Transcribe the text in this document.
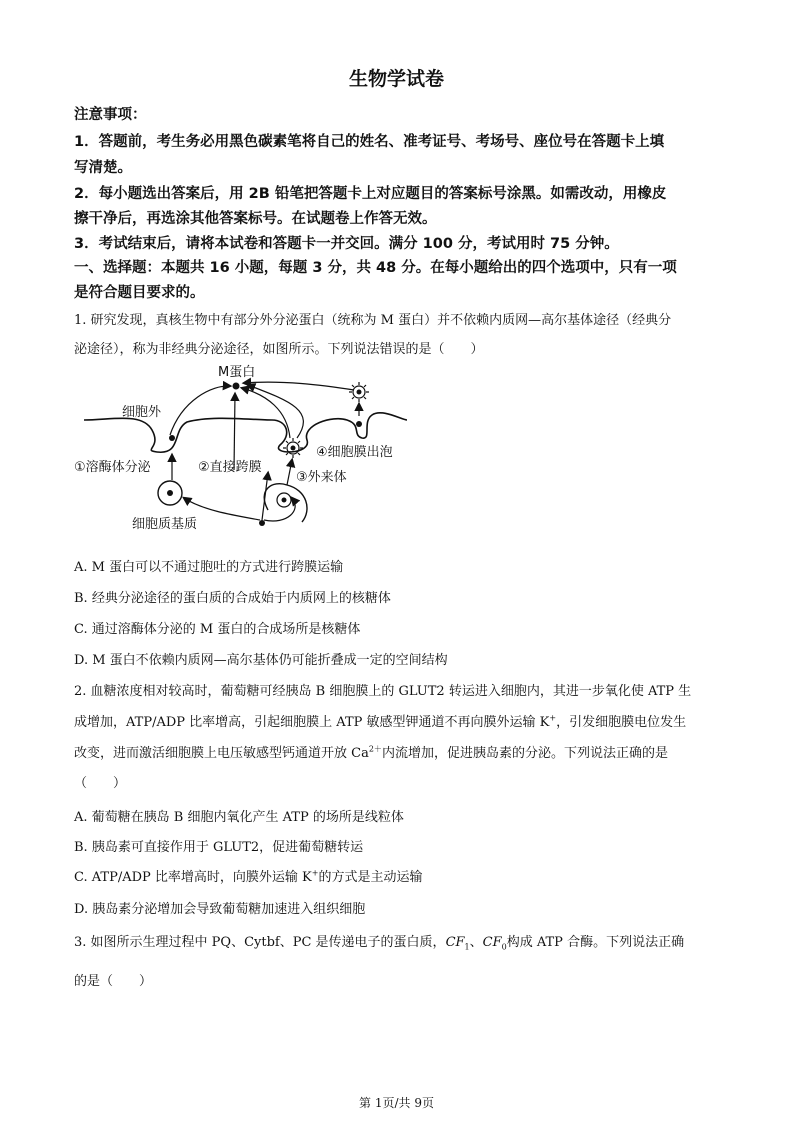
生物学试卷
注意事项：
1．答题前，考生务必用黑色碳素笔将自己的姓名、准考证号、考场号、座位号在答题卡上填
写清楚。
2．每小题选出答案后，用 2B 铅笔把答题卡上对应题目的答案标号涂黑。如需改动，用橡皮
擦干净后，再选涂其他答案标号。在试题卷上作答无效。
3．考试结束后，请将本试卷和答题卡一并交回。满分 100 分，考试用时 75 分钟。
一、选择题：本题共 16 小题，每题 3 分，共 48 分。在每小题给出的四个选项中，只有一项
是符合题目要求的。
1. 研究发现，真核生物中有部分外分泌蛋白（统称为 M 蛋白）并不依赖内质网—高尔基体途径（经典分
泌途径），称为非经典分泌途径，如图所示。下列说法错误的是（　　）
M蛋白
细胞外
①溶酶体分泌	②直接跨膜
③外来体
④细胞膜出泡
细胞质基质
A. M 蛋白可以不通过胞吐的方式进行跨膜运输
B. 经典分泌途径的蛋白质的合成始于内质网上的核糖体
C. 通过溶酶体分泌的 M 蛋白的合成场所是核糖体
D. M 蛋白不依赖内质网—高尔基体仍可能折叠成一定的空间结构
2. 血糖浓度相对较高时，葡萄糖可经胰岛 B 细胞膜上的 GLUT2 转运进入细胞内，其进一步氧化使 ATP 生
成增加，ATP/ADP 比率增高，引起细胞膜上 ATP 敏感型钾通道不再向膜外运输 K+，引发细胞膜电位发生
改变，进而激活细胞膜上电压敏感型钙通道开放 $Ca^{2+}$内流增加，促进胰岛素的分泌。下列说法正确的是
（　　）
A. 葡萄糖在胰岛 B 细胞内氧化产生 ATP 的场所是线粒体
B. 胰岛素可直接作用于 GLUT2，促进葡萄糖转运
C. ATP/ADP 比率增高时，向膜外运输 K+的方式是主动运输
D. 胰岛素分泌增加会导致葡萄糖加速进入组织细胞
3. 如图所示生理过程中 PQ、Cytbf、PC 是传递电子的蛋白质，$CF_1$、$CF_0$构成 ATP 合酶。下列说法正确
的是（　　）
第 1页/共 9页
